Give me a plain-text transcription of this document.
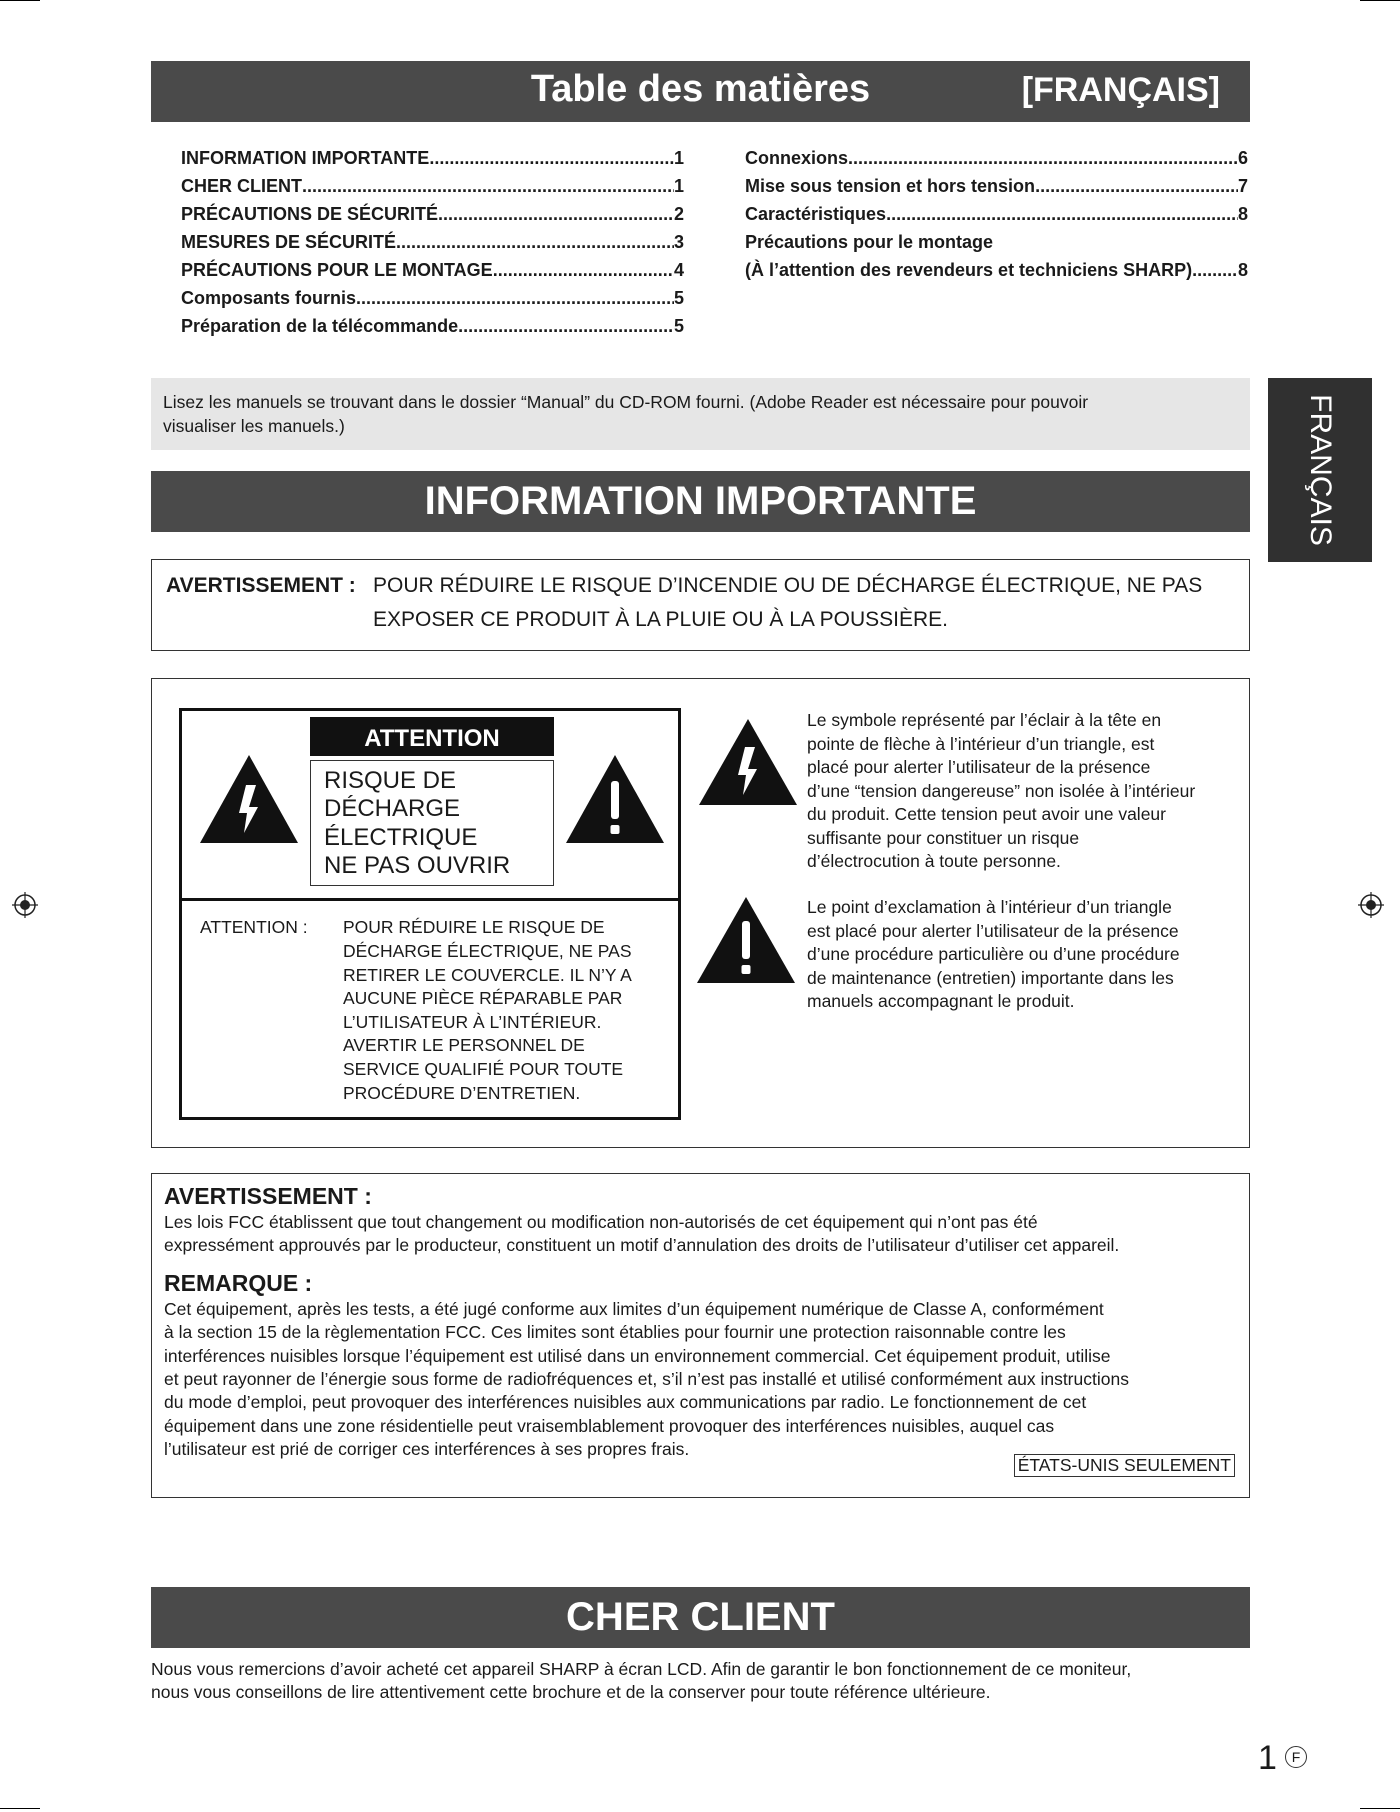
Table des matières	[FRANÇAIS]
INFORMATION IMPORTANTE .....	1
CHER CLIENT .....	1
PRÉCAUTIONS DE SÉCURITÉ .....	2
MESURES DE SÉCURITÉ .....	3
PRÉCAUTIONS POUR LE MONTAGE .....	4
Composants fournis .....	5
Préparation de la télécommande .....	5
Connexions .....	6
Mise sous tension et hors tension .....	7
Caractéristiques .....	8
Précautions pour le montage
(À l’attention des revendeurs et techniciens SHARP) .....	8
Lisez les manuels se trouvant dans le dossier “Manual” du CD-ROM fourni. (Adobe Reader est nécessaire pour pouvoir
visualiser les manuels.)	FRANÇAIS
INFORMATION IMPORTANTE
AVERTISSEMENT : POUR RÉDUIRE LE RISQUE D’INCENDIE OU DE DÉCHARGE ÉLECTRIQUE, NE PAS
EXPOSER CE PRODUIT À LA PLUIE OU À LA POUSSIÈRE.
ATTENTION
RISQUE DE
DÉCHARGE
ÉLECTRIQUE
NE PAS OUVRIR
ATTENTION : POUR RÉDUIRE LE RISQUE DE
DÉCHARGE ÉLECTRIQUE, NE PAS
RETIRER LE COUVERCLE. IL N’Y A
AUCUNE PIÈCE RÉPARABLE PAR
L’UTILISATEUR À L’INTÉRIEUR.
AVERTIR LE PERSONNEL DE
SERVICE QUALIFIÉ POUR TOUTE
PROCÉDURE D’ENTRETIEN.
Le symbole représenté par l’éclair à la tête en
pointe de flèche à l’intérieur d’un triangle, est
placé pour alerter l’utilisateur de la présence
d’une “tension dangereuse” non isolée à l’intérieur
du produit. Cette tension peut avoir une valeur
suffisante pour constituer un risque
d’électrocution à toute personne.
Le point d’exclamation à l’intérieur d’un triangle
est placé pour alerter l’utilisateur de la présence
d’une procédure particulière ou d’une procédure
de maintenance (entretien) importante dans les
manuels accompagnant le produit.
AVERTISSEMENT :
Les lois FCC établissent que tout changement ou modification non-autorisés de cet équipement qui n’ont pas été
expressément approuvés par le producteur, constituent un motif d’annulation des droits de l’utilisateur d’utiliser cet appareil.
REMARQUE :
Cet équipement, après les tests, a été jugé conforme aux limites d’un équipement numérique de Classe A, conformément
à la section 15 de la règlementation FCC. Ces limites sont établies pour fournir une protection raisonnable contre les
interférences nuisibles lorsque l’équipement est utilisé dans un environnement commercial. Cet équipement produit, utilise
et peut rayonner de l’énergie sous forme de radiofréquences et, s’il n’est pas installé et utilisé conformément aux instructions
du mode d’emploi, peut provoquer des interférences nuisibles aux communications par radio. Le fonctionnement de cet
équipement dans une zone résidentielle peut vraisemblablement provoquer des interférences nuisibles, auquel cas
l’utilisateur est prié de corriger ces interférences à ses propres frais.
ÉTATS-UNIS SEULEMENT
CHER CLIENT
Nous vous remercions d’avoir acheté cet appareil SHARP à écran LCD. Afin de garantir le bon fonctionnement de ce moniteur,
nous vous conseillons de lire attentivement cette brochure et de la conserver pour toute référence ultérieure.
1	F
